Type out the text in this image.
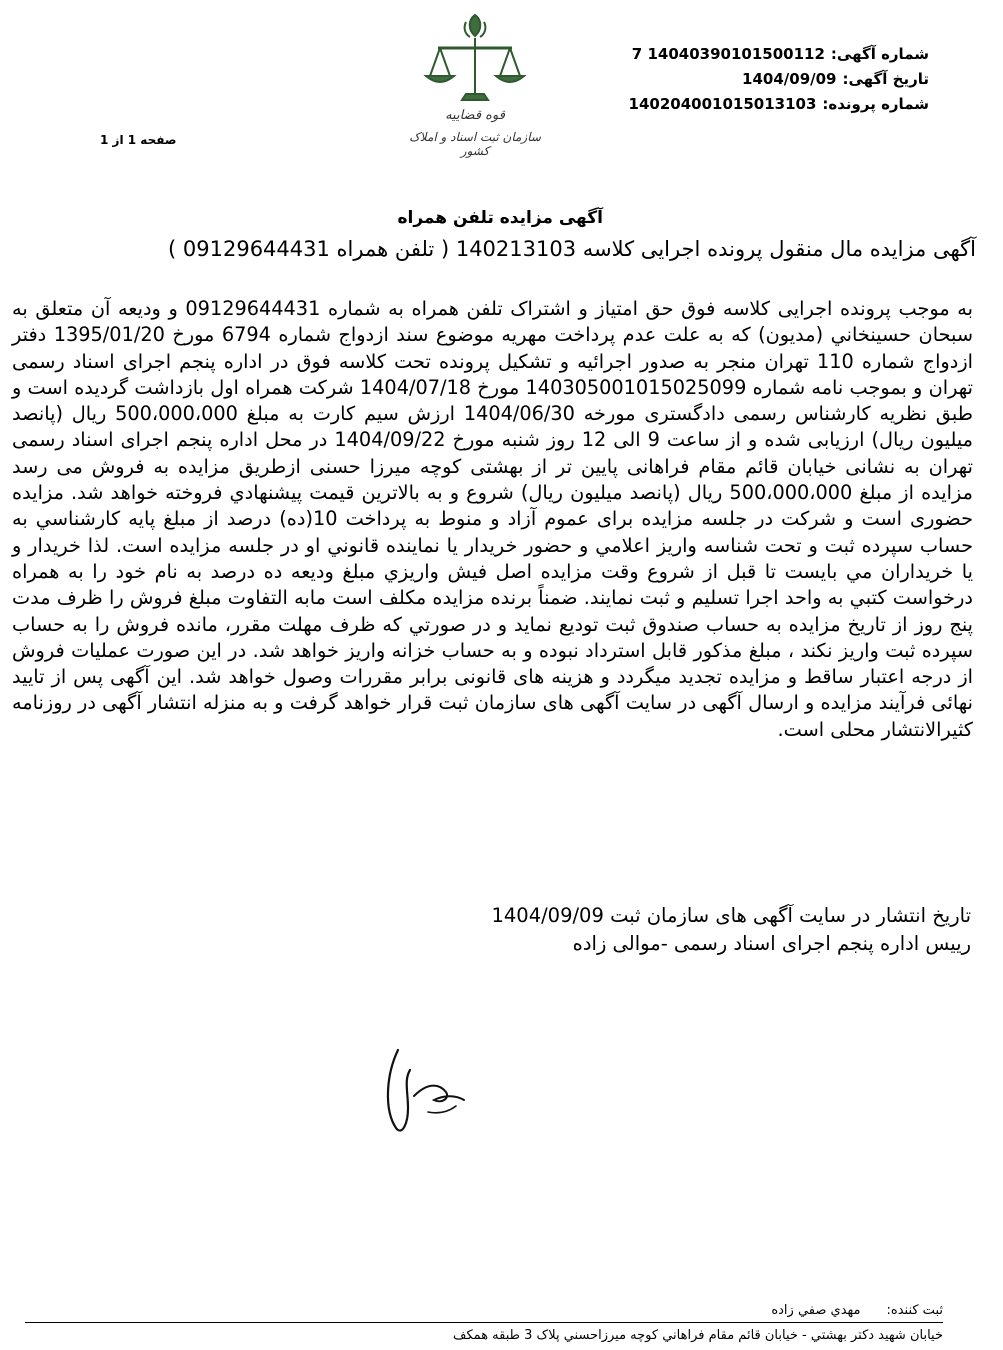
قوه قضاییه
سازمان ثبت اسناد و املاک کشور
شماره آگهی:14040390101500112 7
تاریخ آگهی:1404/09/09
شماره پرونده:140204001015013103
صفحه 1 از 1
آگهی مزایده تلفن همراه
آگهی مزایده مال منقول پرونده اجرایی کلاسه 140213103 ( تلفن همراه 09129644431 )
به موجب پرونده اجرایی کلاسه فوق حق امتیاز و اشتراک تلفن همراه به شماره 09129644431 و ودیعه آن متعلق به سبحان حسينخاني (مديون) كه به علت عدم پرداخت مهريه موضوع سند ازدواج شماره 6794 مورخ 1395/01/20 دفتر ازدواج شماره 110 تهران منجر به صدور اجرائيه و تشكيل پرونده تحت كلاسه فوق در اداره پنجم اجرای اسناد رسمی تهران و بموجب نامه شماره 140305001015025099 مورخ 1404/07/18 شرکت همراه اول بازداشت گردیده است و طبق نظریه کارشناس رسمی دادگستری مورخه 1404/06/30 ارزش سیم کارت به مبلغ 500،000،000 ریال (پانصد میلیون ریال) ارزیابی شده و از ساعت 9 الی 12 روز شنبه مورخ 1404/09/22 در محل اداره پنجم اجرای اسناد رسمی تهران به نشانی خیابان قائم مقام فراهانی پایین تر از بهشتی کوچه میرزا حسنی ازطریق مزایده به فروش می رسد مزایده از مبلغ 500،000،000 ریال (پانصد میلیون ریال) شروع و به بالاترین قیمت پیشنهادي فروخته خواهد شد. مزایده حضوری است و شرکت در جلسه مزایده برای عموم آزاد و منوط به پرداخت 10(ده) درصد از مبلغ پايه كارشناسي به حساب سپرده ثبت و تحت شناسه واريز اعلامي و حضور خريدار يا نماينده قانوني او در جلسه مزايده است. لذا خريدار و يا خريداران مي بايست تا قبل از شروع وقت مزايده اصل فيش واريزي مبلغ وديعه ده درصد به نام خود را به همراه درخواست كتبي به واحد اجرا تسليم و ثبت نمايند. ضمناً برنده مزايده مكلف است مابه التفاوت مبلغ فروش را ظرف مدت پنج روز از تاريخ مزايده به حساب صندوق ثبت توديع نمايد و در صورتي كه ظرف مهلت مقرر، مانده فروش را به حساب سپرده ثبت واريز نكند ، مبلغ مذكور قابل استرداد نبوده و به حساب خزانه واريز خواهد شد. در این صورت عملیات فروش از درجه اعتبار ساقط و مزایده تجدید میگردد و هزینه های قانونی برابر مقررات وصول خواهد شد. این آگهی پس از تایید نهائی فرآیند مزایده و ارسال آگهی در سایت آگهی های سازمان ثبت قرار خواهد گرفت و به منزله انتشار آگهی در روزنامه کثیرالانتشار محلی است.
تاریخ انتشار در سایت آگهی های سازمان ثبت 1404/09/09
رییس اداره پنجم اجرای اسناد رسمی -موالی زاده
ثبت كننده:مهدي صفي زاده
خيابان شهيد دكتر بهشتي - خيابان قائم مقام فراهاني كوچه ميرزاحسني پلاک 3 طبقه همكف
